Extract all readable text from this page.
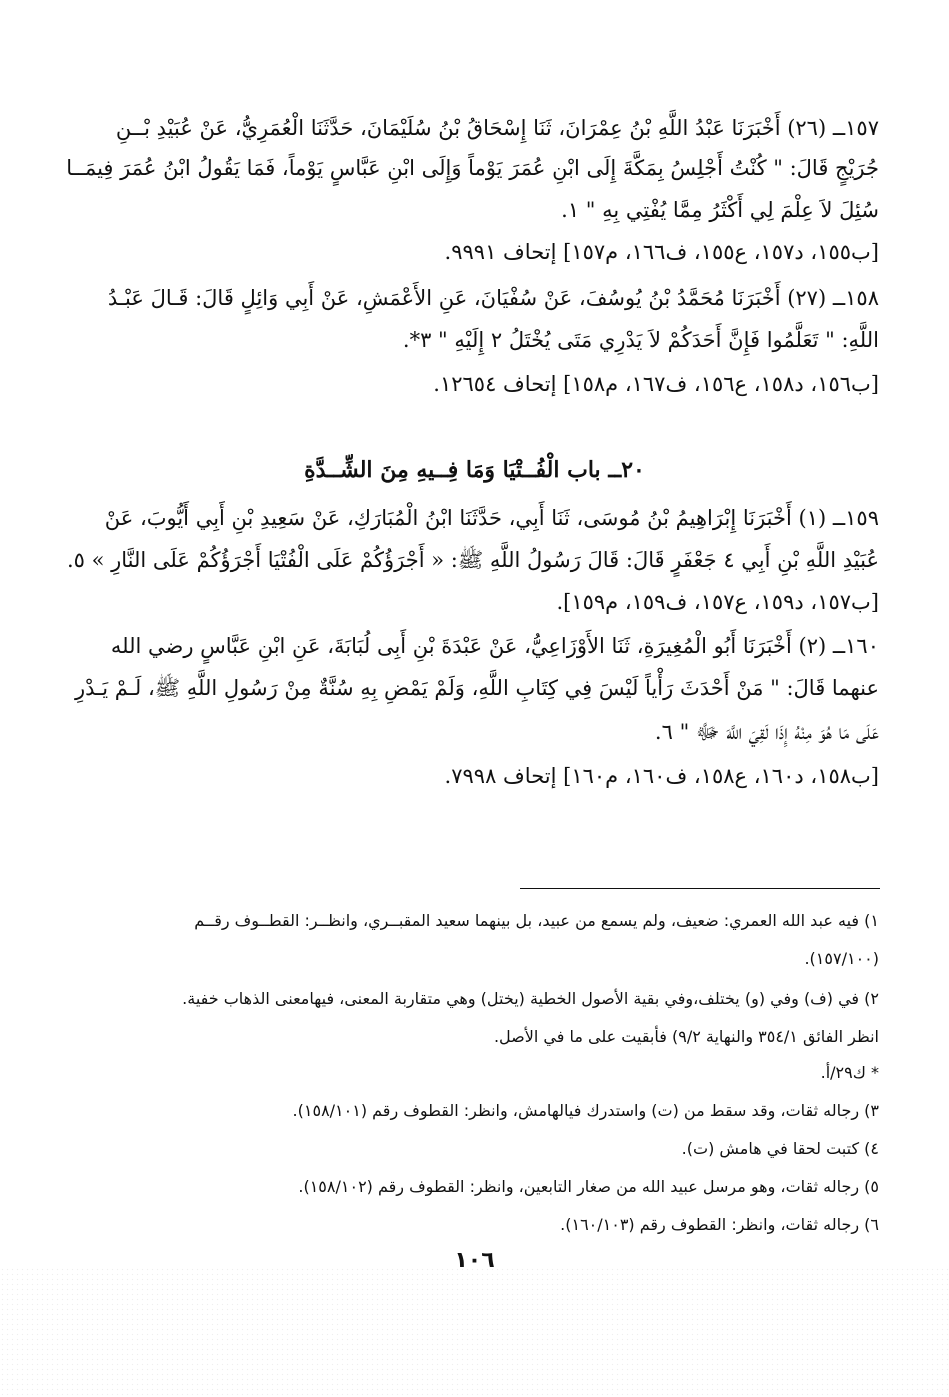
١٥٧ــ (٢٦) أَخْبَرَنَا عَبْدُ اللَّهِ بْنُ عِمْرَانَ، ثَنَا إِسْحَاقُ بْنُ سُلَيْمَانَ، حَدَّثَنَا الْعُمَرِيُّ، عَنْ عُبَيْدِ بْــنِ
جُرَيْجٍ قَالَ: " كُنْتُ أَجْلِسُ بِمَكَّةَ إِلَى ابْنِ عُمَرَ يَوْماً وَإِلَى ابْنِ عَبَّاسٍ يَوْماً، فَمَا يَقُولُ ابْنُ عُمَرَ فِيمَــا
سُئِلَ لاَ عِلْمَ لِي أَكْثَرُ مِمَّا يُفْتِي بِهِ " ١.
[ب١٥٥، د١٥٧، ع١٥٥، ف١٦٦، م١٥٧] إتحاف ٩٩٩١.
١٥٨ــ (٢٧) أَخْبَرَنَا مُحَمَّدُ بْنُ يُوسُفَ، عَنْ سُفْيَانَ، عَنِ الأَعْمَشِ، عَنْ أَبِي وَائِلٍ قَالَ: قَـالَ عَبْـدُ
اللَّهِ: " تَعَلَّمُوا فَإِنَّ أَحَدَكُمْ لاَ يَدْرِي مَتَى يُخْتَلُ ٢ إِلَيْهِ " ٣*.
[ب١٥٦، د١٥٨، ع١٥٦، ف١٦٧، م١٥٨] إتحاف ١٢٦٥٤.
٢٠ــ باب الْفُــتْيَا وَمَا فِــيهِ مِنَ الشِّــدَّةِ
١٥٩ــ (١) أَخْبَرَنَا إِبْرَاهِيمُ بْنُ مُوسَى، ثَنَا أَبِي، حَدَّثَنَا ابْنُ الْمُبَارَكِ، عَنْ سَعِيدِ بْنِ أَبِي أَيُّوبَ، عَنْ
عُبَيْدِ اللَّهِ بْنِ أَبِي ٤ جَعْفَرٍ قَالَ: قَالَ رَسُولُ اللَّهِ ﷺ: « أَجْرَؤُكُمْ عَلَى الْفُتْيَا أَجْرَؤُكُمْ عَلَى النَّارِ » ٥.
[ب١٥٧، د١٥٩، ع١٥٧، ف١٥٩، م١٥٩].
١٦٠ــ (٢) أَخْبَرَنَا أَبُو الْمُغِيرَةِ، ثَنَا الأَوْزَاعِيُّ، عَنْ عَبْدَةَ بْنِ أَبِى لُبَابَةَ، عَنِ ابْنِ عَبَّاسٍ رضي الله
عنهما قَالَ: " مَنْ أَحْدَثَ رَأْياً لَيْسَ فِي كِتَابِ اللَّهِ، وَلَمْ يَمْضِ بِهِ سُنَّةٌ مِنْ رَسُولِ اللَّهِ ﷺ، لَـمْ يَـدْرِ
عَلَى مَا هُوَ مِنْهُ إِذَا لَقِيَ اللَّهَ ﷻ " ٦.
[ب١٥٨، د١٦٠، ع١٥٨، ف١٦٠، م١٦٠] إتحاف ٧٩٩٨.
١) فيه عبد الله العمري: ضعيف، ولم يسمع من عبيد، بل بينهما سعيد المقبــري، وانظــر: القطــوف رقــم
(١٥٧/١٠٠).
٢) في (ف) وفي (و) يختلف،وفي بقية الأصول الخطية (يختل) وهي متقاربة المعنى، فيهامعنى الذهاب خفية.
انظر الفائق ٣٥٤/١ والنهاية ٩/٢) فأبقيت على ما في الأصل.
* ك٢٩/أ.
٣) رجاله ثقات، وقد سقط من (ت) واستدرك فيالهامش، وانظر: القطوف رقم (١٥٨/١٠١).
٤) كتبت لحقا في هامش (ت).
٥) رجاله ثقات، وهو مرسل عبيد الله من صغار التابعين، وانظر: القطوف رقم (١٥٨/١٠٢).
٦) رجاله ثقات، وانظر: القطوف رقم (١٦٠/١٠٣).
١٠٦
